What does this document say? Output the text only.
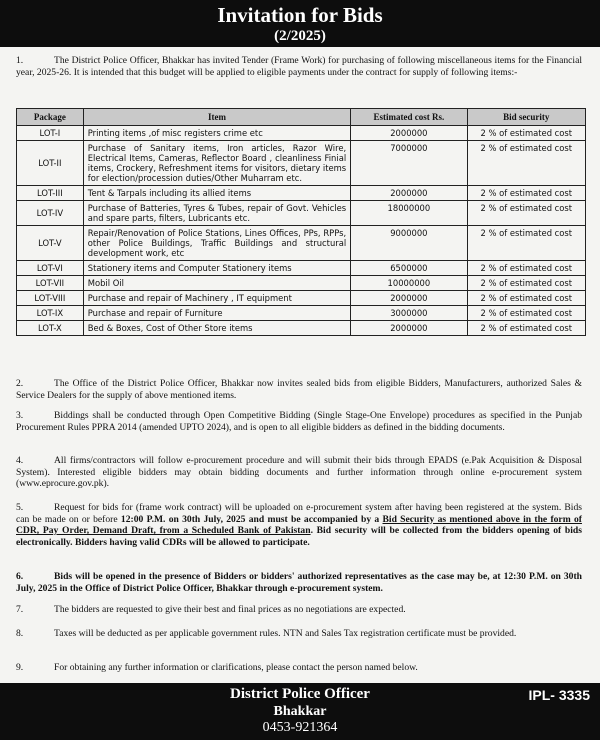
Invitation for Bids
(2/2025)
1.	The District Police Officer, Bhakkar has invited Tender (Frame Work) for purchasing of following miscellaneous items for the Financial year, 2025-26. It is intended that this budget will be applied to eligible payments under the contract for supply of following items:-
Package	Item	Estimated cost Rs.	Bid security
LOT-I	Printing items ,of misc registers crime etc	2000000	2 % of estimated cost
LOT-II	Purchase of Sanitary items, Iron articles, Razor Wire, Electrical Items, Cameras, Reflector Board , cleanliness Finial items, Crockery, Refreshment items for visitors, dietary items for election/procession duties/Other Muharram etc.	7000000	2 % of estimated cost
LOT-III	Tent & Tarpals including its allied items	2000000	2 % of estimated cost
LOT-IV	Purchase of Batteries, Tyres & Tubes, repair of Govt. Vehicles and spare parts, filters, Lubricants etc.	18000000	2 % of estimated cost
LOT-V	Repair/Renovation of Police Stations, Lines Offices, PPs, RPPs, other Police Buildings, Traffic Buildings and structural development work, etc	9000000	2 % of estimated cost
LOT-VI	Stationery items and Computer Stationery items	6500000	2 % of estimated cost
LOT-VII	Mobil Oil	10000000	2 % of estimated cost
LOT-VIII	Purchase and repair of Machinery , IT equipment	2000000	2 % of estimated cost
LOT-IX	Purchase and repair of Furniture	3000000	2 % of estimated cost
LOT-X	Bed & Boxes, Cost of Other Store items	2000000	2 % of estimated cost
2.	The Office of the District Police Officer, Bhakkar now invites sealed bids from eligible Bidders, Manufacturers, authorized Sales & Service Dealers for the supply of above mentioned items.
3.	Biddings shall be conducted through Open Competitive Bidding (Single Stage-One Envelope) procedures as specified in the Punjab Procurement Rules PPRA 2014 (amended UPTO 2024), and is open to all eligible bidders as defined in the bidding documents.
4.	All firms/contractors will follow e-procurement procedure and will submit their bids through EPADS (e.Pak Acquisition & Disposal System). Interested eligible bidders may obtain bidding documents and further information through online e-procurement system (www.eprocure.gov.pk).
5.	Request for bids for (frame work contract) will be uploaded on e-procurement system after having been registered at the system. Bids can be made on or before 12:00 P.M. on 30th July, 2025 and must be accompanied by a Bid Security as mentioned above in the form of CDR, Pay Order, Demand Draft, from a Scheduled Bank of Pakistan. Bid security will be collected from the bidders opening of bids electronically. Bidders having valid CDRs will be allowed to participate.
6.	Bids will be opened in the presence of Bidders or bidders' authorized representatives as the case may be, at 12:30 P.M. on 30th July, 2025 in the Office of District Police Officer, Bhakkar through e-procurement system.
7.	The bidders are requested to give their best and final prices as no negotiations are expected.
8.	Taxes will be deducted as per applicable government rules. NTN and Sales Tax registration certificate must be provided.
9.	For obtaining any further information or clarifications, please contact the person named below.
District Police Officer
Bhakkar
0453-921364
IPL- 3335
